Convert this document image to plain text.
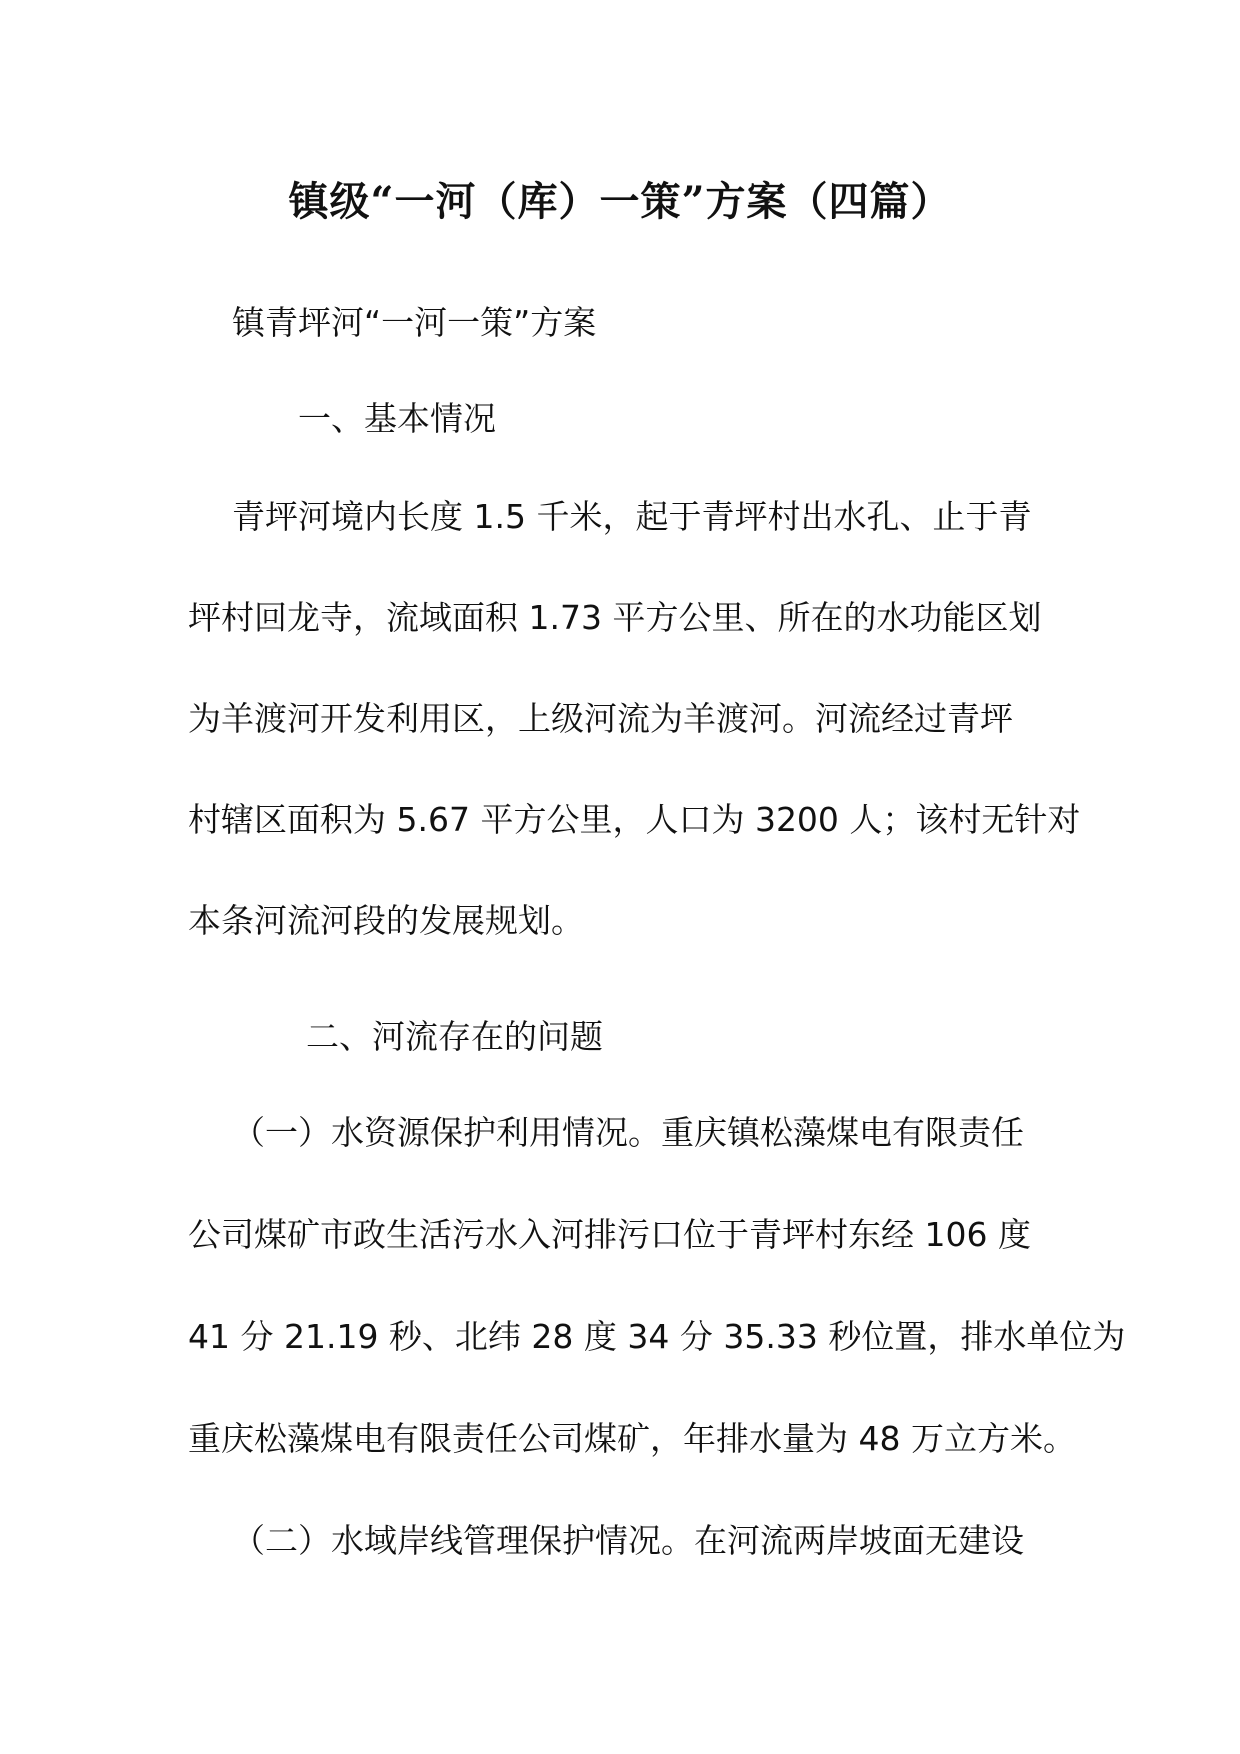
镇级“一河（库）一策”方案（四篇）
镇青坪河“一河一策”方案
一、基本情况
青坪河境内长度 1.5 千米，起于青坪村出水孔、止于青
坪村回龙寺，流域面积 1.73 平方公里、所在的水功能区划
为羊渡河开发利用区，上级河流为羊渡河。河流经过青坪
村辖区面积为 5.67 平方公里，人口为 3200 人；该村无针对
本条河流河段的发展规划。
二、河流存在的问题
（一）水资源保护利用情况。重庆镇松藻煤电有限责任
公司煤矿市政生活污水入河排污口位于青坪村东经 106 度
41 分 21.19 秒、北纬 28 度 34 分 35.33 秒位置，排水单位为
重庆松藻煤电有限责任公司煤矿，年排水量为 48 万立方米。
（二）水域岸线管理保护情况。在河流两岸坡面无建设
